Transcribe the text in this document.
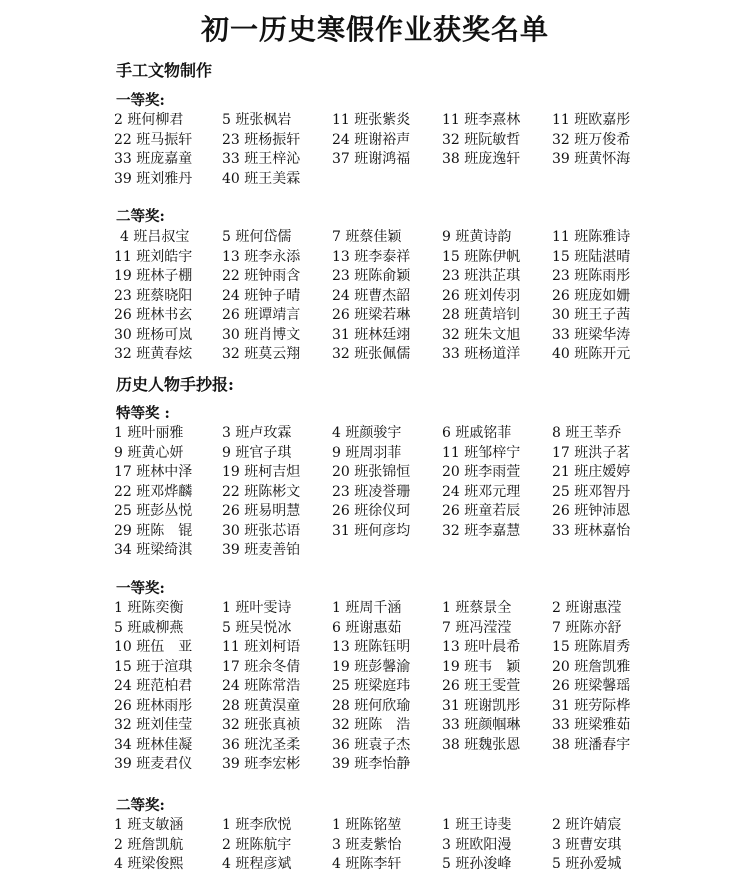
初一历史寒假作业获奖名单
手工文物制作
一等奖:
2 班何柳君	5 班张枫岩	11 班张紫炎	11 班李熹林	11 班欧嘉彤
22 班马振轩	23 班杨振轩	24 班谢裕声	32 班阮敏哲	32 班万俊希
33 班庞嘉童	33 班王梓沁	37 班谢鸿福	38 班庞逸轩	39 班黄怀海
39 班刘雅丹	40 班王美霖
二等奖:
4 班吕叔宝	5 班何岱儒	7 班蔡佳颖	9 班黄诗韵	11 班陈雅诗
11 班刘皓宇	13 班李永添	13 班李泰祥	15 班陈伊帆	15 班陆湛晴
19 班林子棚	22 班钟雨含	23 班陈俞颖	23 班洪芷琪	23 班陈雨彤
23 班蔡晓阳	24 班钟子晴	24 班曹杰韶	26 班刘传羽	26 班庞如姗
26 班林书玄	26 班谭靖言	26 班梁若琳	28 班黄培钊	30 班王子茜
30 班杨可岚	30 班肖博文	31 班林廷翊	32 班朱文旭	33 班梁华涛
32 班黄春炫	32 班莫云翔	32 班张佩儒	33 班杨道洋	40 班陈开元
历史人物手抄报:
特等奖 :
1 班叶丽雅	3 班卢玫霖	4 班颜骏宇	6 班戚铭菲	8 班王莘乔
9 班黄心妍	9 班官子琪	9 班周羽菲	11 班邹梓宁	17 班洪子茗
17 班林中泽	19 班柯吉炟	20 班张锦恒	20 班李雨萱	21 班庄嫒婷
22 班邓烨麟	22 班陈彬文	23 班凌誉珊	24 班邓元理	25 班邓智丹
25 班彭丛悦	26 班易明慧	26 班徐仪珂	26 班童若辰	26 班钟沛恩
29 班陈　锟	30 班张芯语	31 班何彦均	32 班李嘉慧	33 班林嘉怡
34 班梁绮淇	39 班麦善铂
一等奖:
1 班陈奕衡	1 班叶雯诗	1 班周千涵	1 班蔡景全	2 班谢惠滢
5 班戚柳燕	5 班吴悦冰	6 班谢惠茹	7 班冯滢滢	7 班陈亦舒
10 班伍　亚	11 班刘柯语	13 班陈钰明	13 班叶晨希	15 班陈眉秀
15 班于渲琪	17 班余冬倩	19 班彭馨渝	19 班韦　颖	20 班詹凯雅
24 班范柏君	24 班陈常浩	25 班梁庭玮	26 班王雯萱	26 班梁馨瑶
26 班林雨彤	28 班黄淏童	28 班何欣瑜	31 班谢凯彤	31 班劳际桦
32 班刘佳莹	32 班张真祯	32 班陈　浩	33 班颜帼琳	33 班梁雅茹
34 班林佳凝	36 班沈圣柔	36 班袁子杰	38 班魏张恩	38 班潘春宇
39 班麦君仪	39 班李宏彬	39 班李怡静
二等奖:
1 班支敏涵	1 班李欣悦	1 班陈铭堃	1 班王诗斐	2 班许婧宸
2 班詹凯航	2 班陈航宇	3 班麦紫怡	3 班欧阳漫	3 班曹安琪
4 班梁俊熙	4 班程彦斌	4 班陈李轩	5 班孙浚峰	5 班孙爱城
